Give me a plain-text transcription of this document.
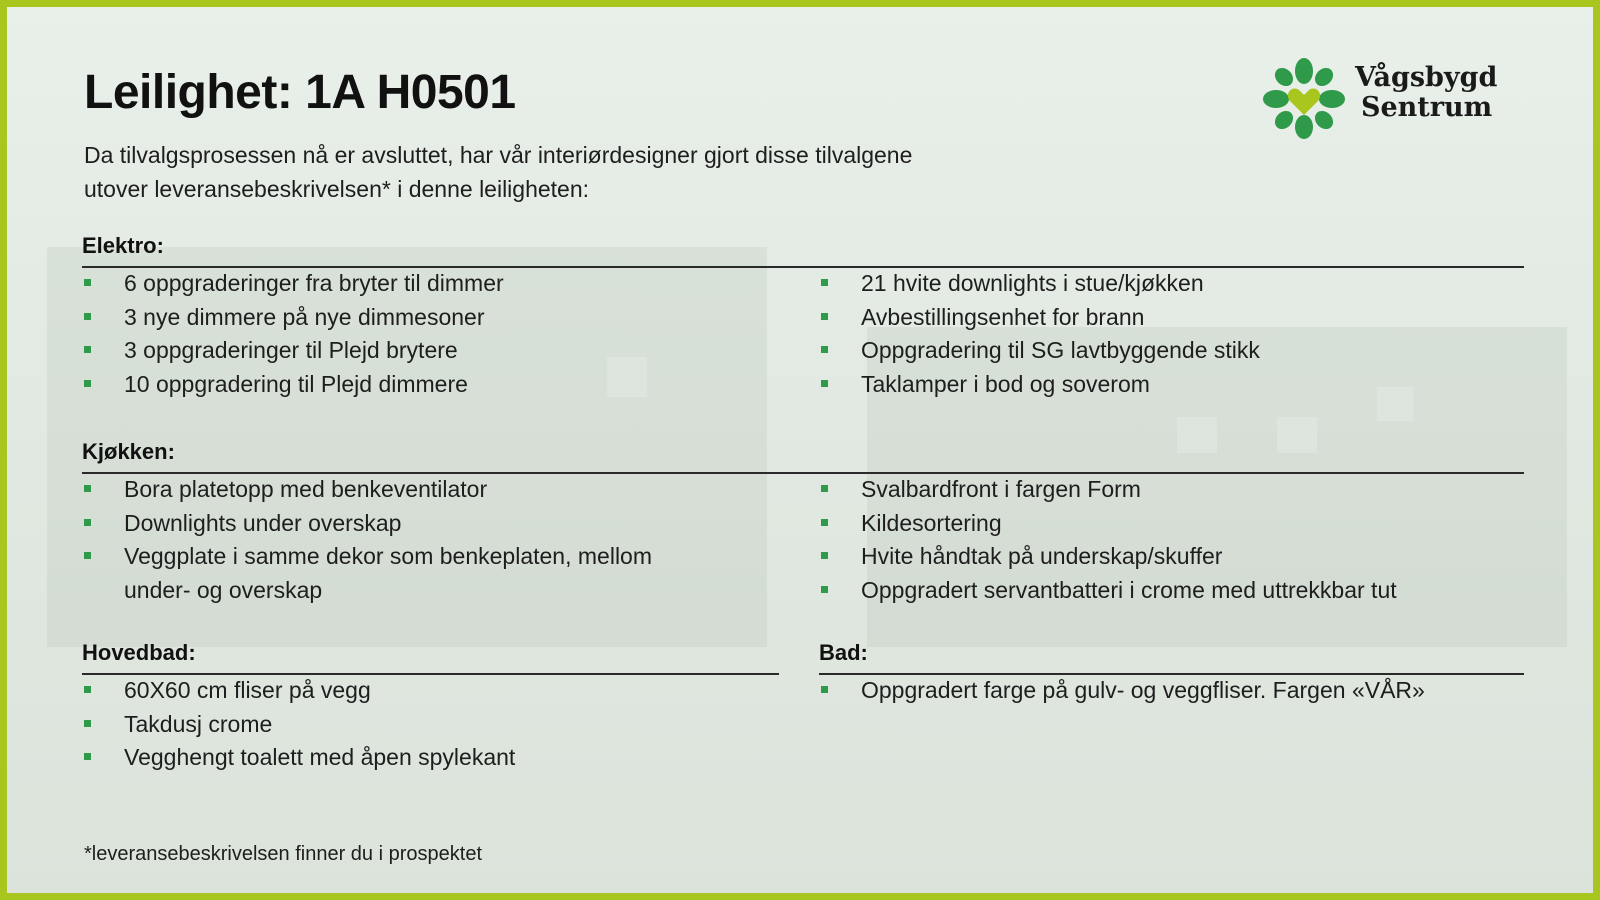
Leilighet: 1A H0501
Da tilvalgsprosessen nå er avsluttet, har vår interiørdesigner gjort disse tilvalgene utover leveransebeskrivelsen* i denne leiligheten:
Vågsbygd
Sentrum
Elektro:
6 oppgraderinger fra bryter til dimmer
3 nye dimmere på nye dimmesoner
3 oppgraderinger til Plejd brytere
10 oppgradering til Plejd dimmere
21 hvite downlights i stue/kjøkken
Avbestillingsenhet for brann
Oppgradering til SG lavtbyggende stikk
Taklamper i bod og soverom
Kjøkken:
Bora platetopp med benkeventilator
Downlights under overskap
Veggplate i samme dekor som benkeplaten, mellom under- og overskap
Svalbardfront i fargen Form
Kildesortering
Hvite håndtak på underskap/skuffer
Oppgradert servantbatteri i crome med uttrekkbar tut
Hovedbad:
60X60 cm fliser på vegg
Takdusj crome
Vegghengt toalett med åpen spylekant
Bad:
Oppgradert farge på gulv- og veggfliser. Fargen «VÅR»
*leveransebeskrivelsen finner du i prospektet
